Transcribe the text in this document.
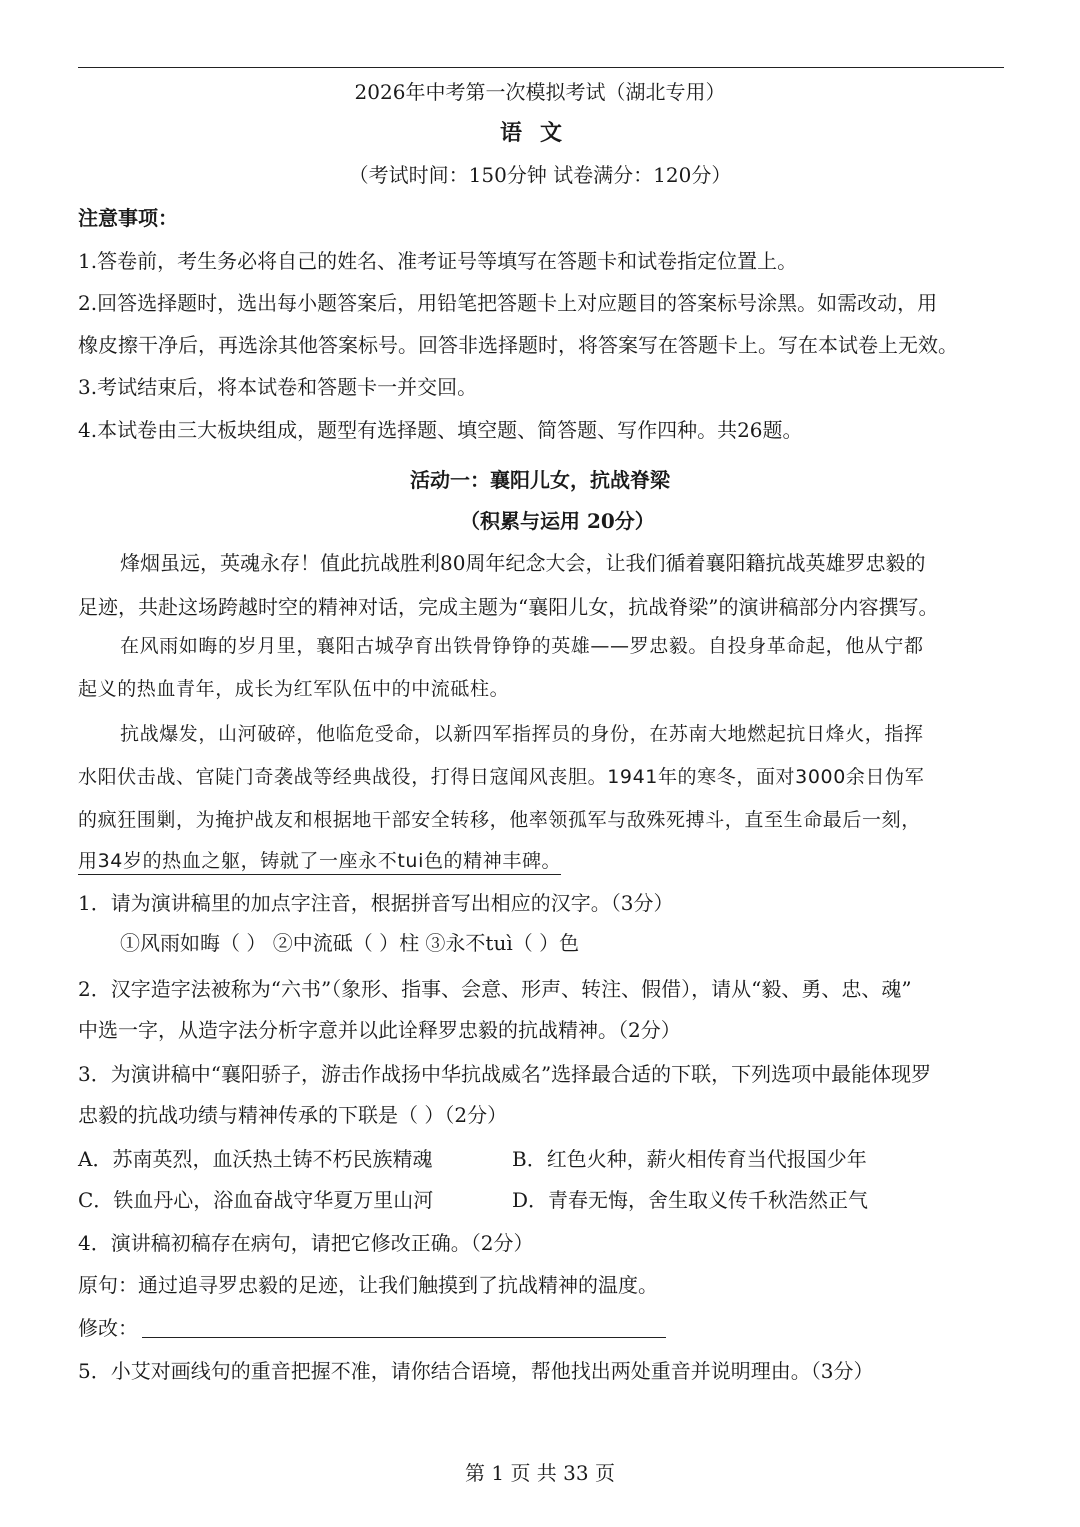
2026年中考第一次模拟考试（湖北专用）
语文
（考试时间：150分钟 试卷满分：120分）
注意事项：
1.答卷前，考生务必将自己的姓名、准考证号等填写在答题卡和试卷指定位置上。
2.回答选择题时，选出每小题答案后，用铅笔把答题卡上对应题目的答案标号涂黑。如需改动，用
橡皮擦干净后，再选涂其他答案标号。回答非选择题时，将答案写在答题卡上。写在本试卷上无效。
3.考试结束后，将本试卷和答题卡一并交回。
4.本试卷由三大板块组成，题型有选择题、填空题、简答题、写作四种。共26题。
活动一：襄阳儿女，抗战脊梁
（积累与运用 20分）
烽烟虽远，英魂永存！值此抗战胜利80周年纪念大会，让我们循着襄阳籍抗战英雄罗忠毅的
足迹，共赴这场跨越时空的精神对话，完成主题为“襄阳儿女，抗战脊梁”的演讲稿部分内容撰写。
在风雨如晦的岁月里，襄阳古城孕育出铁骨铮铮的英雄——罗忠毅。自投身革命起，他从宁都
起义的热血青年，成长为红军队伍中的中流砥柱。
抗战爆发，山河破碎，他临危受命，以新四军指挥员的身份，在苏南大地燃起抗日烽火，指挥
水阳伏击战、官陡门奇袭战等经典战役，打得日寇闻风丧胆。1941年的寒冬，面对3000余日伪军
的疯狂围剿，为掩护战友和根据地干部安全转移，他率领孤军与敌殊死搏斗，直至生命最后一刻，
用34岁的热血之躯，铸就了一座永不tui色的精神丰碑。
1．请为演讲稿里的加点字注音，根据拼音写出相应的汉字。（3分）
①风雨如晦（ ） ②中流砥（ ）柱 ③永不tuì（ ）色
2．汉字造字法被称为“六书”（象形、指事、会意、形声、转注、假借），请从“毅、勇、忠、魂”
中选一字，从造字法分析字意并以此诠释罗忠毅的抗战精神。（2分）
3．为演讲稿中“襄阳骄子，游击作战扬中华抗战威名”选择最合适的下联，下列选项中最能体现罗
忠毅的抗战功绩与精神传承的下联是（ ）（2分）
A．苏南英烈，血沃热土铸不朽民族精魂	B．红色火种，薪火相传育当代报国少年
C．铁血丹心，浴血奋战守华夏万里山河	D．青春无悔，舍生取义传千秋浩然正气
4．演讲稿初稿存在病句，请把它修改正确。（2分）
原句：通过追寻罗忠毅的足迹，让我们触摸到了抗战精神的温度。
修改：
5．小艾对画线句的重音把握不准，请你结合语境，帮他找出两处重音并说明理由。（3分）
第 1 页 共 33 页
